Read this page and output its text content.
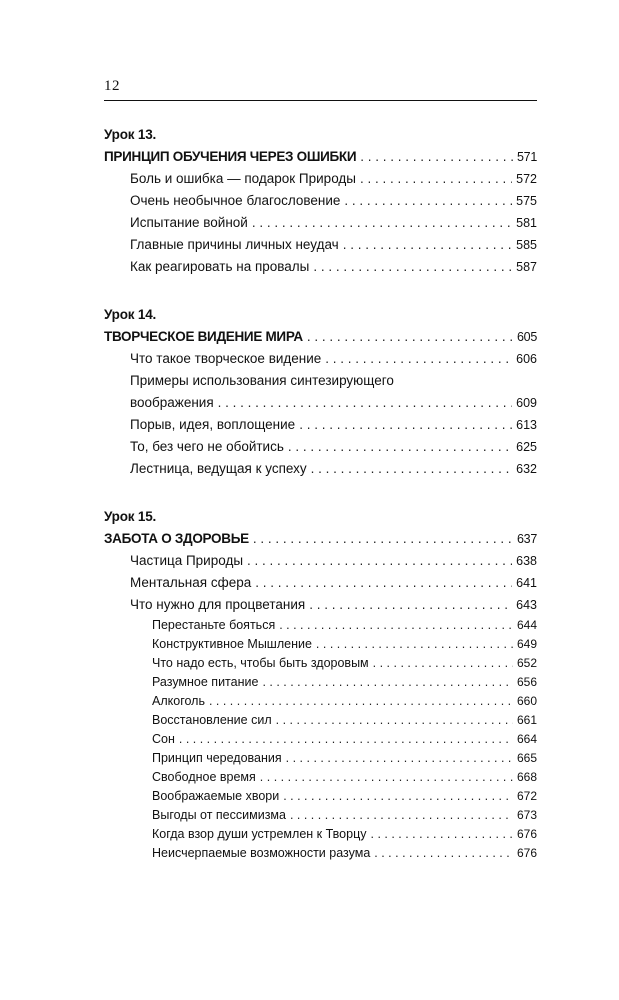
12
Урок 13.
ПРИНЦИП ОБУЧЕНИЯ ЧЕРЕЗ ОШИБКИ . . .	571
Боль и ошибка — подарок Природы . . .	572
Очень необычное благословение . . .	575
Испытание войной . . .	581
Главные причины личных неудач . . .	585
Как реагировать на провалы . . .	587
Урок 14.
ТВОРЧЕСКОЕ ВИДЕНИЕ МИРА . . .	605
Что такое творческое видение . . .	606
Примеры использования синтезирующего
воображения . . .	609
Порыв, идея, воплощение . . .	613
То, без чего не обойтись . . .	625
Лестница, ведущая к успеху . . .	632
Урок 15.
ЗАБОТА О ЗДОРОВЬЕ . . .	637
Частица Природы . . .	638
Ментальная сфера . . .	641
Что нужно для процветания . . .	643
Перестаньте бояться . . .	644
Конструктивное Мышление . . .	649
Что надо есть, чтобы быть здоровым . . .	652
Разумное питание . . .	656
Алкоголь . . .	660
Восстановление сил . . .	661
Сон . . .	664
Принцип чередования . . .	665
Свободное время . . .	668
Воображаемые хвори . . .	672
Выгоды от пессимизма . . .	673
Когда взор души устремлен к Творцу . . .	676
Неисчерпаемые возможности разума . . .	676
